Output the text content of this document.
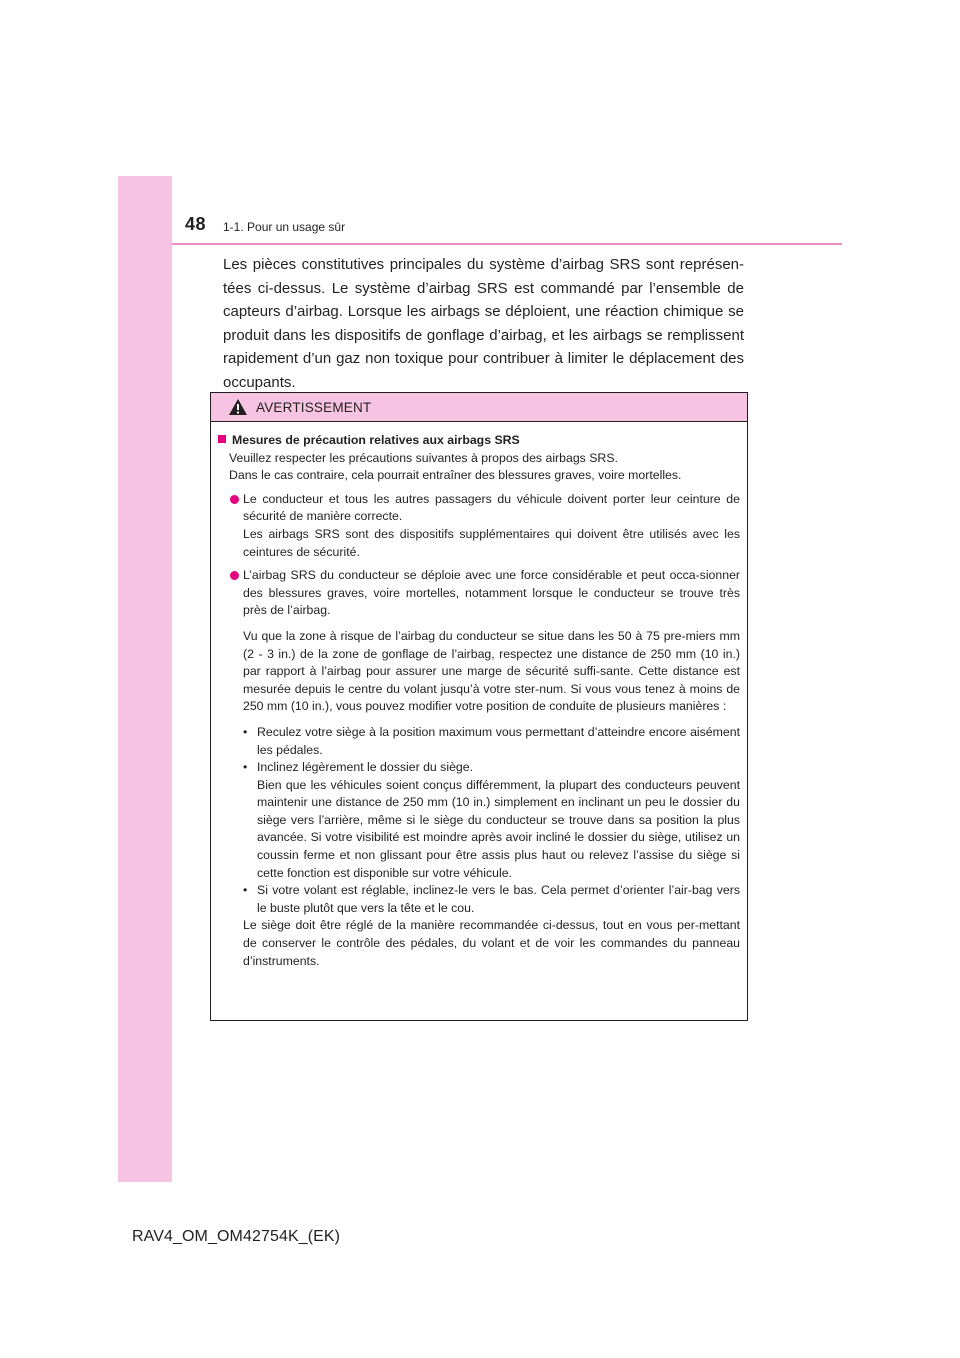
48 1-1. Pour un usage sûr

Les pièces constitutives principales du système d’airbag SRS sont représen-tées ci-dessus. Le système d’airbag SRS est commandé par l’ensemble de capteurs d’airbag. Lorsque les airbags se déploient, une réaction chimique se produit dans les dispositifs de gonflage d’airbag, et les airbags se remplissent rapidement d’un gaz non toxique pour contribuer à limiter le déplacement des occupants.

AVERTISSEMENT
Mesures de précaution relatives aux airbags SRS

Veuillez respecter les précautions suivantes à propos des airbags SRS.

Dans le cas contraire, cela pourrait entraîner des blessures graves, voire mortelles.

Le conducteur et tous les autres passagers du véhicule doivent porter leur ceinture de sécurité de manière correcte.

Les airbags SRS sont des dispositifs supplémentaires qui doivent être utilisés avec les ceintures de sécurité.

L’airbag SRS du conducteur se déploie avec une force considérable et peut occa-sionner des blessures graves, voire mortelles, notamment lorsque le conducteur se trouve très près de l’airbag.

Vu que la zone à risque de l’airbag du conducteur se situe dans les 50 à 75 pre-miers mm (2 - 3 in.) de la zone de gonflage de l’airbag, respectez une distance de 250 mm (10 in.) par rapport à l’airbag pour assurer une marge de sécurité suffi-sante. Cette distance est mesurée depuis le centre du volant jusqu’à votre ster-num. Si vous vous tenez à moins de 250 mm (10 in.), vous pouvez modifier votre position de conduite de plusieurs manières :

• Reculez votre siège à la position maximum vous permettant d’atteindre encore aisément les pédales.

• Inclinez légèrement le dossier du siège.

Bien que les véhicules soient conçus différemment, la plupart des conducteurs peuvent maintenir une distance de 250 mm (10 in.) simplement en inclinant un peu le dossier du siège vers l’arrière, même si le siège du conducteur se trouve dans sa position la plus avancée. Si votre visibilité est moindre après avoir incliné le dossier du siège, utilisez un coussin ferme et non glissant pour être assis plus haut ou relevez l’assise du siège si cette fonction est disponible sur votre véhicule.

• Si votre volant est réglable, inclinez-le vers le bas. Cela permet d’orienter l’air-bag vers le buste plutôt que vers la tête et le cou.

Le siège doit être réglé de la manière recommandée ci-dessus, tout en vous per-mettant de conserver le contrôle des pédales, du volant et de voir les commandes du panneau d’instruments.

RAV4_OM_OM42754K_(EK)
